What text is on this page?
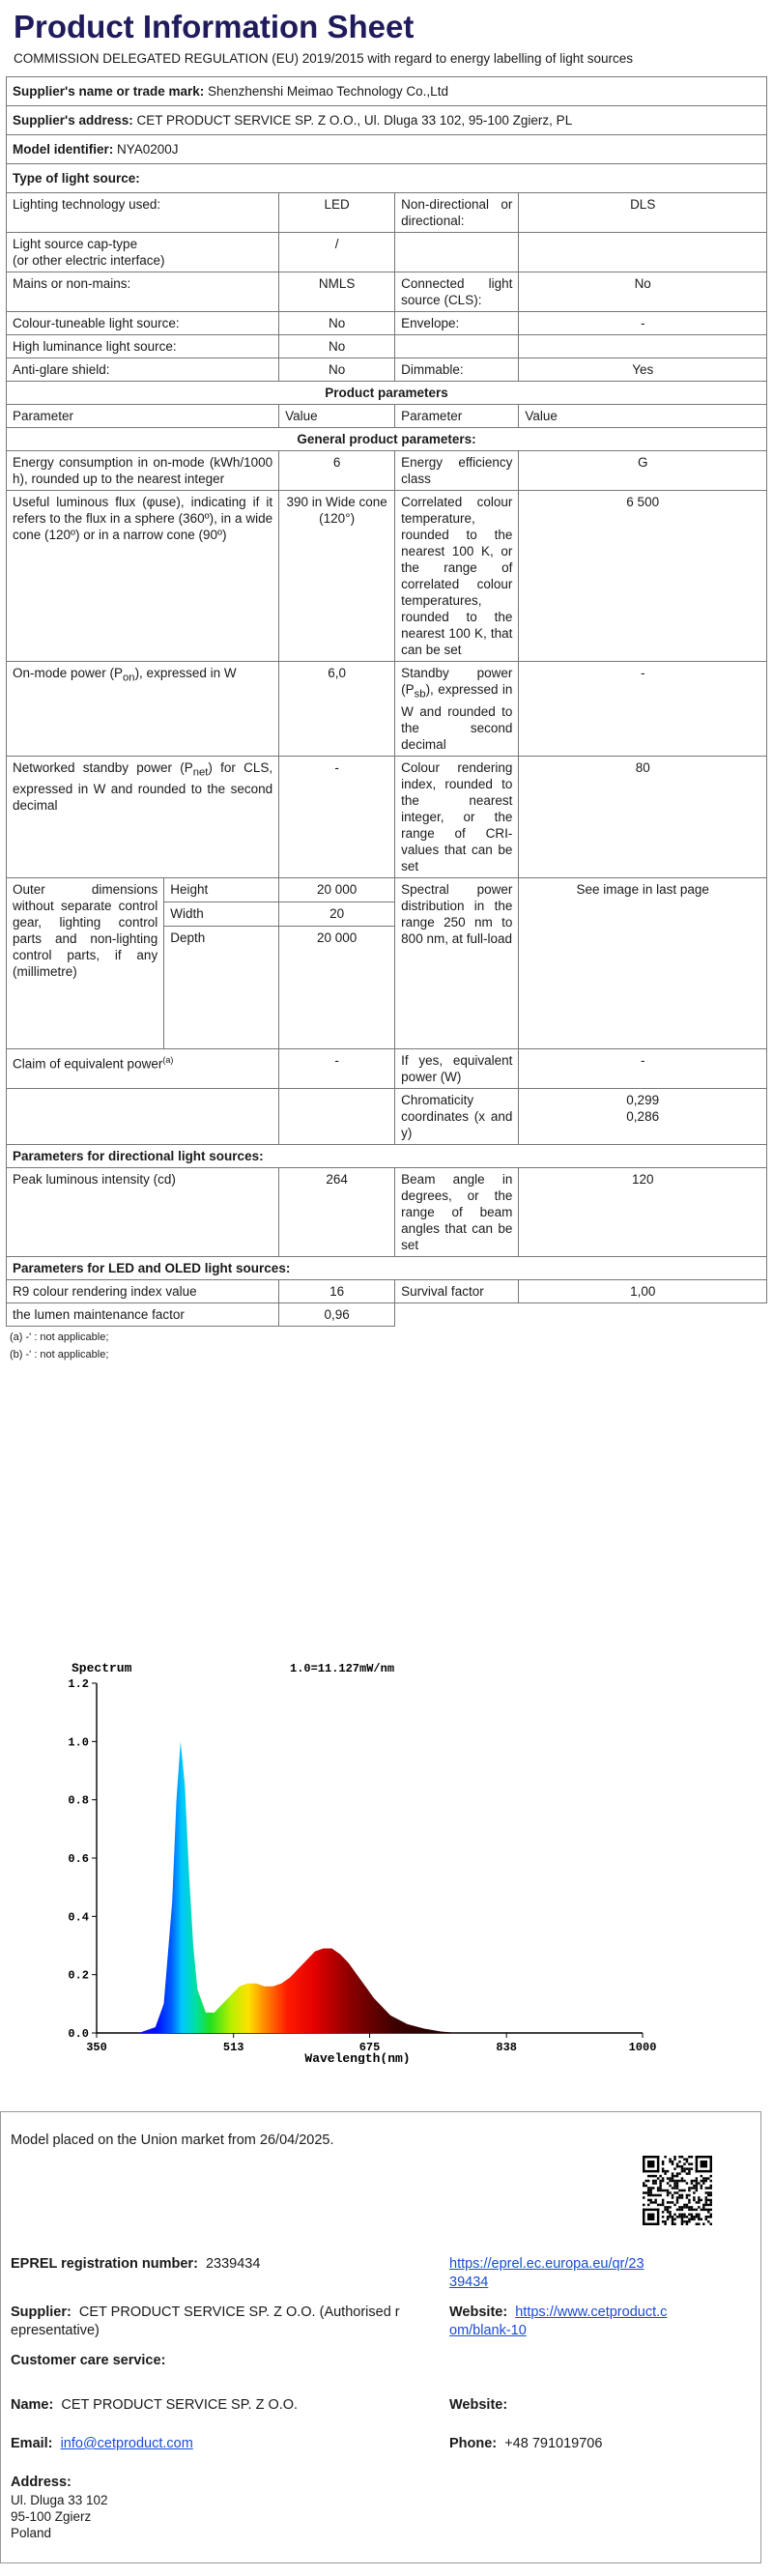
Product Information Sheet
COMMISSION DELEGATED REGULATION (EU) 2019/2015 with regard to energy labelling of light sources
Supplier's name or trade mark: Shenzhenshi Meimao Technology Co.,Ltd				
Supplier's address: CET PRODUCT SERVICE SP. Z O.O., Ul. Dluga 33 102, 95-100 Zgierz, PL				
Model identifier: NYA0200J				
Type of light source:				
Lighting technology used:		LED	Non-directional or directional:	DLS

Light source cap-type
(or other electric interface)		/		
Mains or non-mains:		NMLS	Connected light source (CLS):	No
Colour-tuneable light source:		No	Envelope:	-
High luminance light source:		No		
Anti-glare shield:		No	Dimmable:	Yes
Product parameters				
Parameter		Value	Parameter	Value
General product parameters:				
Energy consumption in on-mode (kWh/1000 h), rounded up to the nearest integer		6	Energy efficiency class	G
Useful luminous flux (φuse), indicating if it refers to the flux in a sphere (360º), in a wide cone (120º) or in a narrow cone (90º)		390 in Wide cone (120°)	Correlated colour temperature, rounded to the nearest 100 K, or the range of correlated colour temperatures, rounded to the nearest 100 K, that can be set	6 500
On-mode power $(P_{on})$, expressed in W		6,0	Standby power $(P_{sb})$, expressed in W and rounded to the second decimal	-
Networked standby power $(P_{net})$ for CLS, expressed in W and rounded to the second decimal		-	Colour rendering index, rounded to the nearest integer, or the range of CRI-values that can be set	80
Outer dimensions without separate control gear, lighting control parts and non-lighting control parts, if any (millimetre)	Height	20 000	Spectral power distribution in the range 250 nm to 800 nm, at full-load	See image in last page
	Width	20		
	Depth	20 000		
Claim of equivalent power$^{(a)}$		-	If yes, equivalent power (W)	-
			Chromaticity coordinates (x and y)	0,299
0,286

Parameters for directional light sources:				
Peak luminous intensity (cd)		264	Beam angle in degrees, or the range of beam angles that can be set	120
Parameters for LED and OLED light sources:				
R9 colour rendering index value		16	Survival factor	1,00
the lumen maintenance factor		0,96		
(a) -' : not applicable;
(b) -' : not applicable;
Spectrum	1.0=11.127mW/nm
350	513	675	838	1000
0.0
0.2
0.4
0.6
0.8
1.0
1.2
Wavelength(nm)
Model placed on the Union market from 26/04/2025.
EPREL registration number: 2339434	https://eprel.ec.europa.eu/qr/23
39434
Supplier: CET PRODUCT SERVICE SP. Z O.O. (Authorised r
epresentative)
Website: https://www.cetproduct.c
om/blank-10
Customer care service:
Name: CET PRODUCT SERVICE SP. Z O.O.	Website:
Email: info@cetproduct.com	Phone: +48 791019706
Address:
Ul. Dluga 33 102
95-100 Zgierz
Poland
